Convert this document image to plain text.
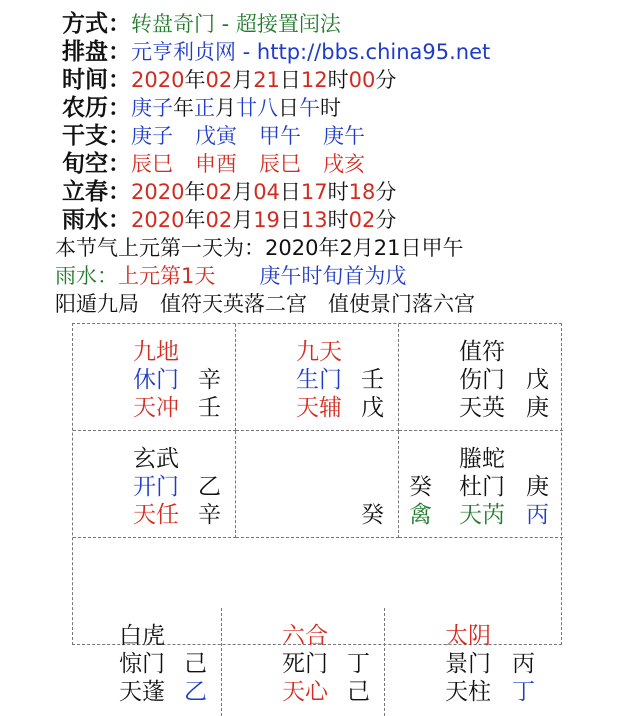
方式：转盘奇门 - 超接置闰法
排盘：元亨利贞网 - http://bbs.china95.net
时间：2020年02月21日12时00分
农历：庚子年正月廿八日午时
干支：庚子 戊寅 甲午 庚午
旬空：辰巳 申酉 辰巳 戌亥
立春：2020年02月04日17时18分
雨水：2020年02月19日13时02分
本节气上元第一天为：2020年2月21日甲午
雨水：上元第1天 庚午时旬首为戊
阳遁九局　值符天英落二宫　值使景门落六宫
九地
休门
天冲
辛
壬
九天
生门
天辅
壬
戊
值符
伤门
天英
戊
庚
玄武
开门
天任
乙
辛	癸
螣蛇
杜门
天芮
庚
丙
癸
禽
白虎
惊门
天蓬
己
乙
六合
死门
天心
丁
己
太阴
景门
天柱
丙
丁
